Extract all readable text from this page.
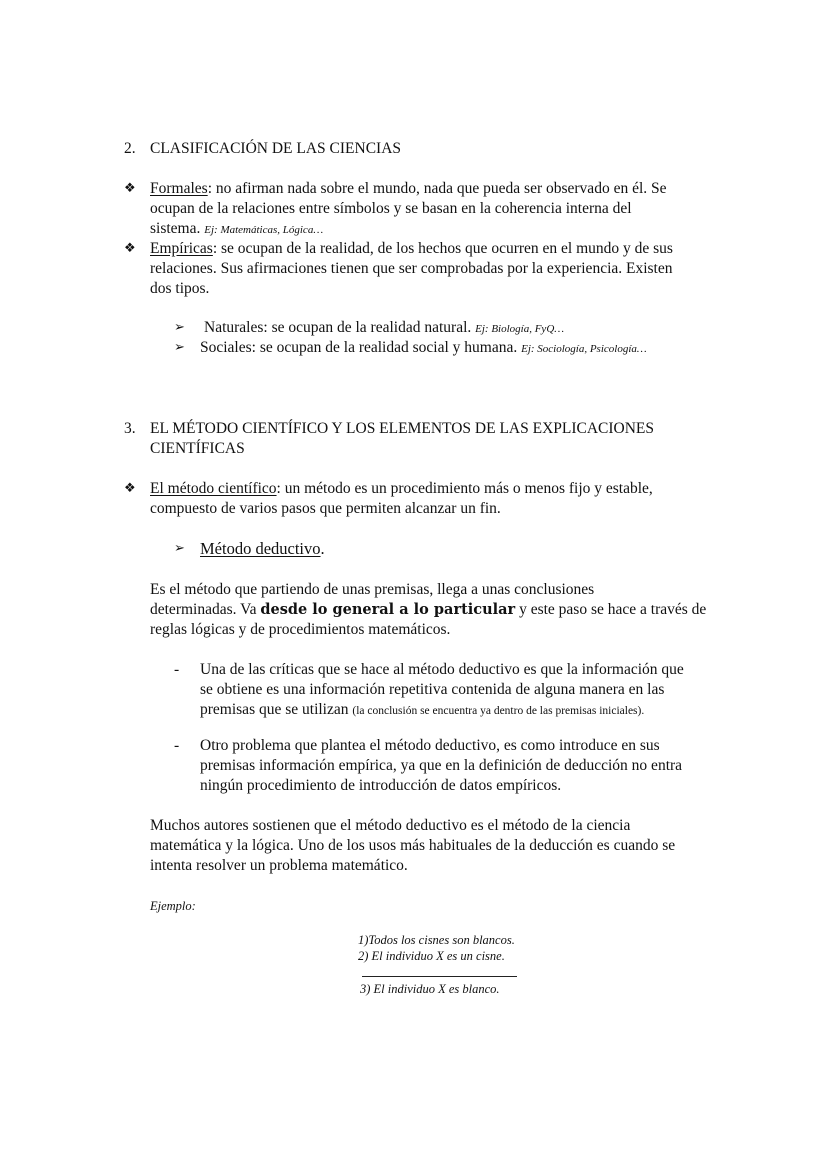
2. CLASIFICACIÓN DE LAS CIENCIAS
❖ Formales: no afirman nada sobre el mundo, nada que pueda ser observado en él. Se
ocupan de la relaciones entre símbolos y se basan en la coherencia interna del
sistema. Ej: Matemáticas, Lógica…
❖ Empíricas: se ocupan de la realidad, de los hechos que ocurren en el mundo y de sus
relaciones. Sus afirmaciones tienen que ser comprobadas por la experiencia. Existen
dos tipos.
➢ Naturales: se ocupan de la realidad natural. Ej: Biología, FyQ…
➢ Sociales: se ocupan de la realidad social y humana. Ej: Sociología, Psicología…
3. EL MÉTODO CIENTÍFICO Y LOS ELEMENTOS DE LAS EXPLICACIONES
CIENTÍFICAS
❖ El método científico: un método es un procedimiento más o menos fijo y estable,
compuesto de varios pasos que permiten alcanzar un fin.
➢ Método deductivo.
Es el método que partiendo de unas premisas, llega a unas conclusiones
determinadas. Va desde lo general a lo particular y este paso se hace a través de
reglas lógicas y de procedimientos matemáticos.
- Una de las críticas que se hace al método deductivo es que la información que
se obtiene es una información repetitiva contenida de alguna manera en las
premisas que se utilizan (la conclusión se encuentra ya dentro de las premisas iniciales).
- Otro problema que plantea el método deductivo, es como introduce en sus
premisas información empírica, ya que en la definición de deducción no entra
ningún procedimiento de introducción de datos empíricos.
Muchos autores sostienen que el método deductivo es el método de la ciencia
matemática y la lógica. Uno de los usos más habituales de la deducción es cuando se
intenta resolver un problema matemático.
Ejemplo:
1)Todos los cisnes son blancos.
2) El individuo X es un cisne.
3) El individuo X es blanco.
